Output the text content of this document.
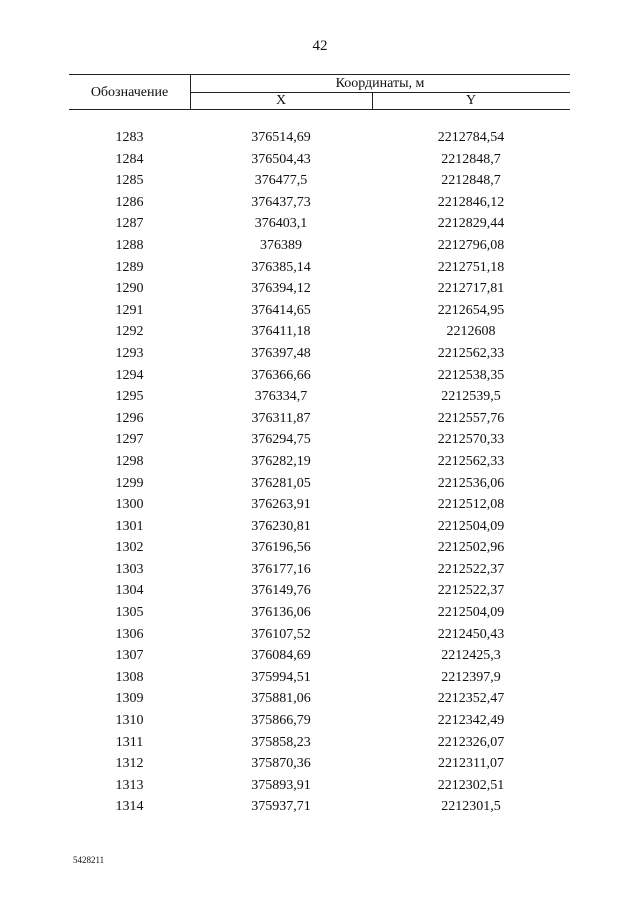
42
Обозначение
Координаты, м
X	Y
1283	376514,69	2212784,54
1284	376504,43	2212848,7
1285	376477,5	2212848,7
1286	376437,73	2212846,12
1287	376403,1	2212829,44
1288	376389	2212796,08
1289	376385,14	2212751,18
1290	376394,12	2212717,81
1291	376414,65	2212654,95
1292	376411,18	2212608
1293	376397,48	2212562,33
1294	376366,66	2212538,35
1295	376334,7	2212539,5
1296	376311,87	2212557,76
1297	376294,75	2212570,33
1298	376282,19	2212562,33
1299	376281,05	2212536,06
1300	376263,91	2212512,08
1301	376230,81	2212504,09
1302	376196,56	2212502,96
1303	376177,16	2212522,37
1304	376149,76	2212522,37
1305	376136,06	2212504,09
1306	376107,52	2212450,43
1307	376084,69	2212425,3
1308	375994,51	2212397,9
1309	375881,06	2212352,47
1310	375866,79	2212342,49
1311	375858,23	2212326,07
1312	375870,36	2212311,07
1313	375893,91	2212302,51
1314	375937,71	2212301,5
5428211
